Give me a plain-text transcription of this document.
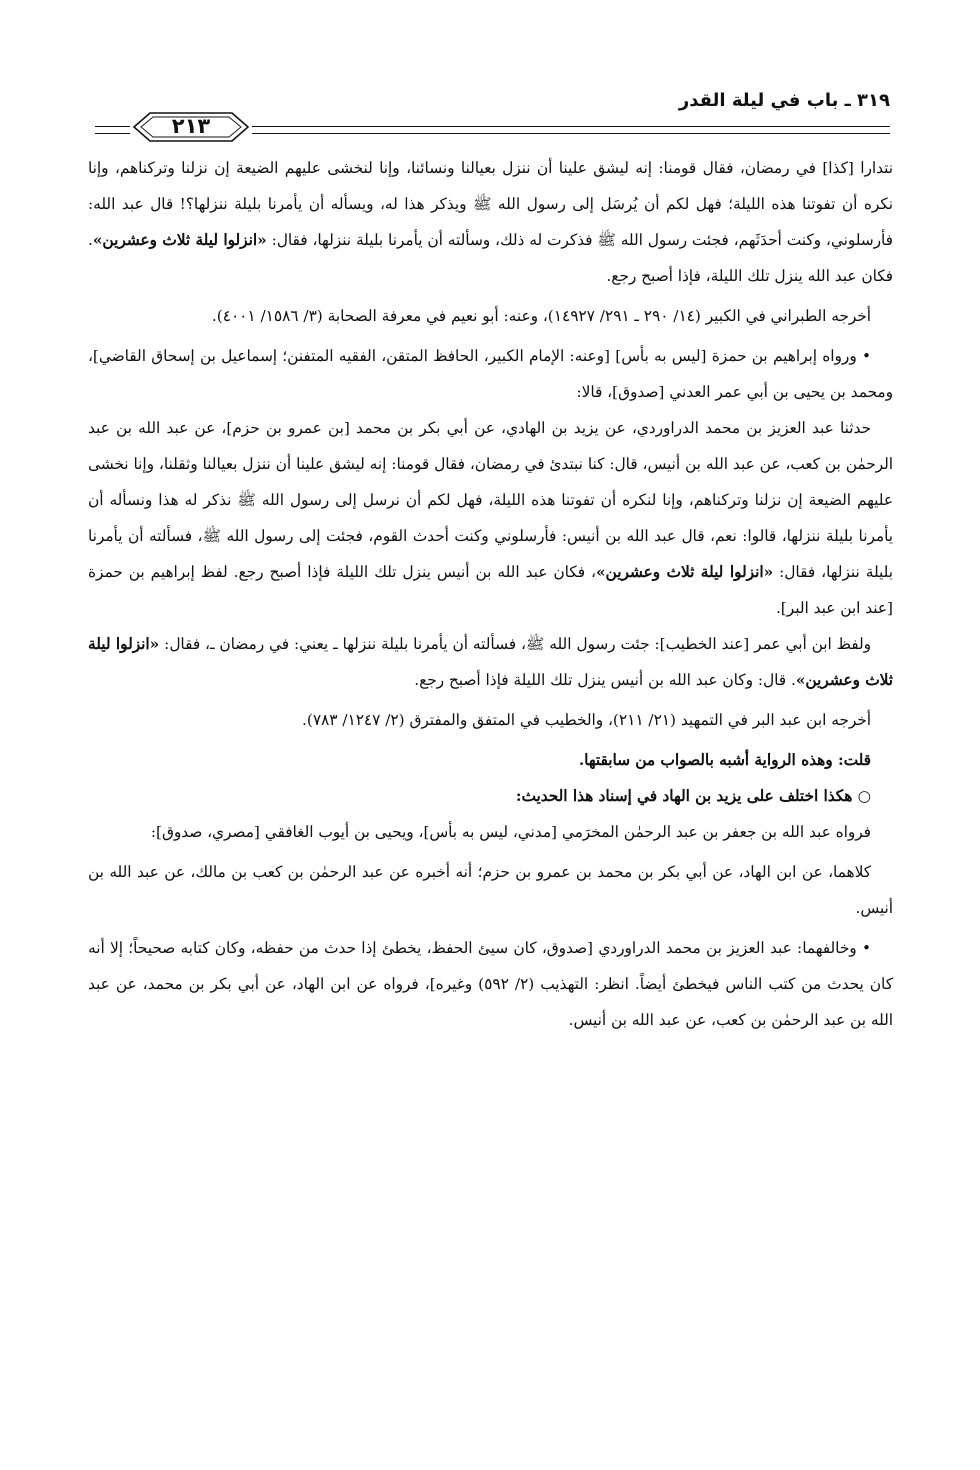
٣١٩ ـ باب في ليلة القدر
٢١٣

نتدارا [كذا] في رمضان، فقال قومنا: إنه ليشق علينا أن ننزل بعيالنا ونسائنا، وإنا لنخشى عليهم الضيعة إن نزلنا وتركناهم، وإنا نكره أن تفوتنا هذه الليلة؛ فهل لكم أن يُرسَل إلى رسول الله ﷺ ويذكر هذا له، ويسأله أن يأمرنا بليلة ننزلها؟! قال عبد الله: فأرسلوني، وكنت أحدَثَهم، فجئت رسول الله ﷺ فذكرت له ذلك، وسألته أن يأمرنا بليلة ننزلها، فقال: «انزلوا ليلة ثلاث وعشرين». فكان عبد الله ينزل تلك الليلة، فإذا أصبح رجع.

أخرجه الطبراني في الكبير (١٤/ ٢٩٠ ـ ٢٩١/ ١٤٩٢٧)، وعنه: أبو نعيم في معرفة الصحابة (٣/ ١٥٨٦/ ٤٠٠١).

• ورواه إبراهيم بن حمزة [ليس به بأس] [وعنه: الإمام الكبير، الحافظ المتقن، الفقيه المتفنن؛ إسماعيل بن إسحاق القاضي]، ومحمد بن يحيى بن أبي عمر العدني [صدوق]، قالا:

حدثنا عبد العزيز بن محمد الدراوردي، عن يزيد بن الهادي، عن أبي بكر بن محمد [بن عمرو بن حزم]، عن عبد الله بن عبد الرحمٰن بن كعب، عن عبد الله بن أنيس، قال: كنا نبتدئ في رمضان، فقال قومنا: إنه ليشق علينا أن ننزل بعيالنا وثقلنا، وإنا نخشى عليهم الضيعة إن نزلنا وتركناهم، وإنا لنكره أن تفوتنا هذه الليلة، فهل لكم أن نرسل إلى رسول الله ﷺ نذكر له هذا ونسأله أن يأمرنا بليلة ننزلها، قالوا: نعم، قال عبد الله بن أنيس: فأرسلوني وكنت أحدث القوم، فجئت إلى رسول الله ﷺ، فسألته أن يأمرنا بليلة ننزلها، فقال: «انزلوا ليلة ثلاث وعشرين»، فكان عبد الله بن أنيس ينزل تلك الليلة فإذا أصبح رجع. لفظ إبراهيم بن حمزة [عند ابن عبد البر].

ولفظ ابن أبي عمر [عند الخطيب]: جئت رسول الله ﷺ، فسألته أن يأمرنا بليلة ننزلها ـ يعني: في رمضان ـ، فقال: «انزلوا ليلة ثلاث وعشرين». قال: وكان عبد الله بن أنيس ينزل تلك الليلة فإذا أصبح رجع.

أخرجه ابن عبد البر في التمهيد (٢١/ ٢١١)، والخطيب في المتفق والمفترق (٢/ ١٢٤٧/ ٧٨٣).

قلت: وهذه الرواية أشبه بالصواب من سابقتها.

○ هكذا اختلف على يزيد بن الهاد في إسناد هذا الحديث:

فرواه عبد الله بن جعفر بن عبد الرحمٰن المخرَمي [مدني، ليس به بأس]، ويحيى بن أيوب الغافقي [مصري، صدوق]:

كلاهما، عن ابن الهاد، عن أبي بكر بن محمد بن عمرو بن حزم؛ أنه أخبره عن عبد الرحمٰن بن كعب بن مالك، عن عبد الله بن أنيس.

• وخالفهما: عبد العزيز بن محمد الدراوردي [صدوق، كان سيئ الحفظ، يخطئ إذا حدث من حفظه، وكان كتابه صحيحاً؛ إلا أنه كان يحدث من كتب الناس فيخطئ أيضاً. انظر: التهذيب (٢/ ٥٩٢) وغيره]، فرواه عن ابن الهاد، عن أبي بكر بن محمد، عن عبد الله بن عبد الرحمٰن بن كعب، عن عبد الله بن أنيس.
